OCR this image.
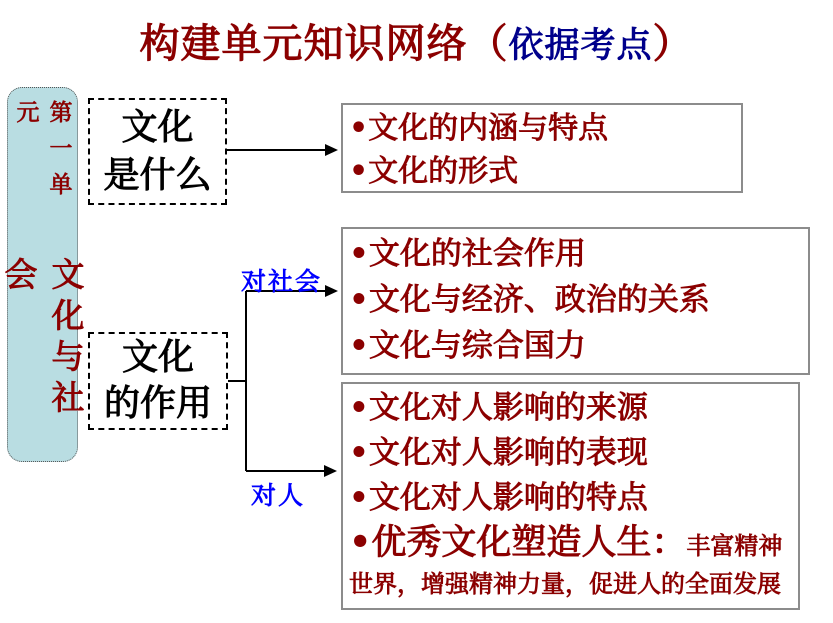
构建单元知识网络（依据考点）
第一单元
文化与社会
文化
是什么
文化
的作用
对社会
对人
•文化的内涵与特点
•文化的形式
•文化的社会作用
•文化与经济、政治的关系
•文化与综合国力
•文化对人影响的来源
•文化对人影响的表现
•文化对人影响的特点
•优秀文化塑造人生：丰富精神世界，增强精神力量，促进人的全面发展
